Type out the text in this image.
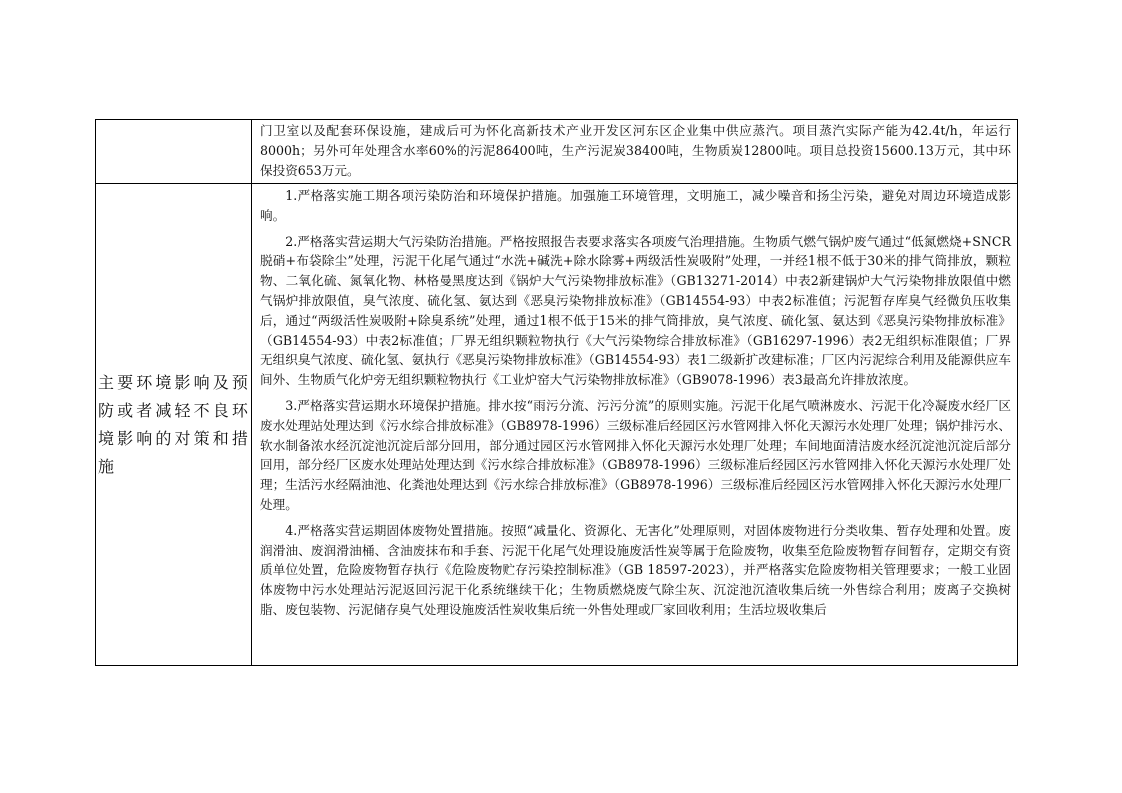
	门卫室以及配套环保设施，建成后可为怀化高新技术产业开发区河东区企业集中供应蒸汽。项目蒸汽实际产能为42.4t/h，年运行8000h；另外可年处理含水率60%的污泥86400吨，生产污泥炭38400吨，生物质炭12800吨。项目总投资15600.13万元，其中环保投资653万元。

主要环境影响及预防或者减轻不良环境影响的对策和措施	1.严格落实施工期各项污染防治和环境保护措施。加强施工环境管理，文明施工，减少噪音和扬尘污染，避免对周边环境造成影响。

2.严格落实营运期大气污染防治措施。严格按照报告表要求落实各项废气治理措施。生物质气燃气锅炉废气通过“低氮燃烧+SNCR脱硝+布袋除尘”处理，污泥干化尾气通过“水洗+碱洗+除水除雾+两级活性炭吸附”处理，一并经1根不低于30米的排气筒排放，颗粒物、二氧化硫、氮氧化物、林格曼黑度达到《锅炉大气污染物排放标准》（GB13271-2014）中表2新建锅炉大气污染物排放限值中燃气锅炉排放限值，臭气浓度、硫化氢、氨达到《恶臭污染物排放标准》（GB14554-93）中表2标准值；污泥暂存库臭气经微负压收集后，通过“两级活性炭吸附+除臭系统”处理，通过1根不低于15米的排气筒排放，臭气浓度、硫化氢、氨达到《恶臭污染物排放标准》（GB14554-93）中表2标准值；厂界无组织颗粒物执行《大气污染物综合排放标准》（GB16297-1996）表2无组织标准限值；厂界无组织臭气浓度、硫化氢、氨执行《恶臭污染物排放标准》（GB14554-93）表1二级新扩改建标准；厂区内污泥综合利用及能源供应车间外、生物质气化炉旁无组织颗粒物执行《工业炉窑大气污染物排放标准》（GB9078-1996）表3最高允许排放浓度。

3.严格落实营运期水环境保护措施。排水按“雨污分流、污污分流”的原则实施。污泥干化尾气喷淋废水、污泥干化冷凝废水经厂区废水处理站处理达到《污水综合排放标准》（GB8978-1996）三级标准后经园区污水管网排入怀化天源污水处理厂处理；锅炉排污水、软水制备浓水经沉淀池沉淀后部分回用，部分通过园区污水管网排入怀化天源污水处理厂处理；车间地面清洁废水经沉淀池沉淀后部分回用，部分经厂区废水处理站处理达到《污水综合排放标准》（GB8978-1996）三级标准后经园区污水管网排入怀化天源污水处理厂处理；生活污水经隔油池、化粪池处理达到《污水综合排放标准》（GB8978-1996）三级标准后经园区污水管网排入怀化天源污水处理厂处理。

4.严格落实营运期固体废物处置措施。按照“减量化、资源化、无害化”处理原则，对固体废物进行分类收集、暂存处理和处置。废润滑油、废润滑油桶、含油废抹布和手套、污泥干化尾气处理设施废活性炭等属于危险废物，收集至危险废物暂存间暂存，定期交有资质单位处置，危险废物暂存执行《危险废物贮存污染控制标准》（GB 18597-2023），并严格落实危险废物相关管理要求；一般工业固体废物中污水处理站污泥返回污泥干化系统继续干化；生物质燃烧废气除尘灰、沉淀池沉渣收集后统一外售综合利用；废离子交换树脂、废包装物、污泥储存臭气处理设施废活性炭收集后统一外售处理或厂家回收利用；生活垃圾收集后
